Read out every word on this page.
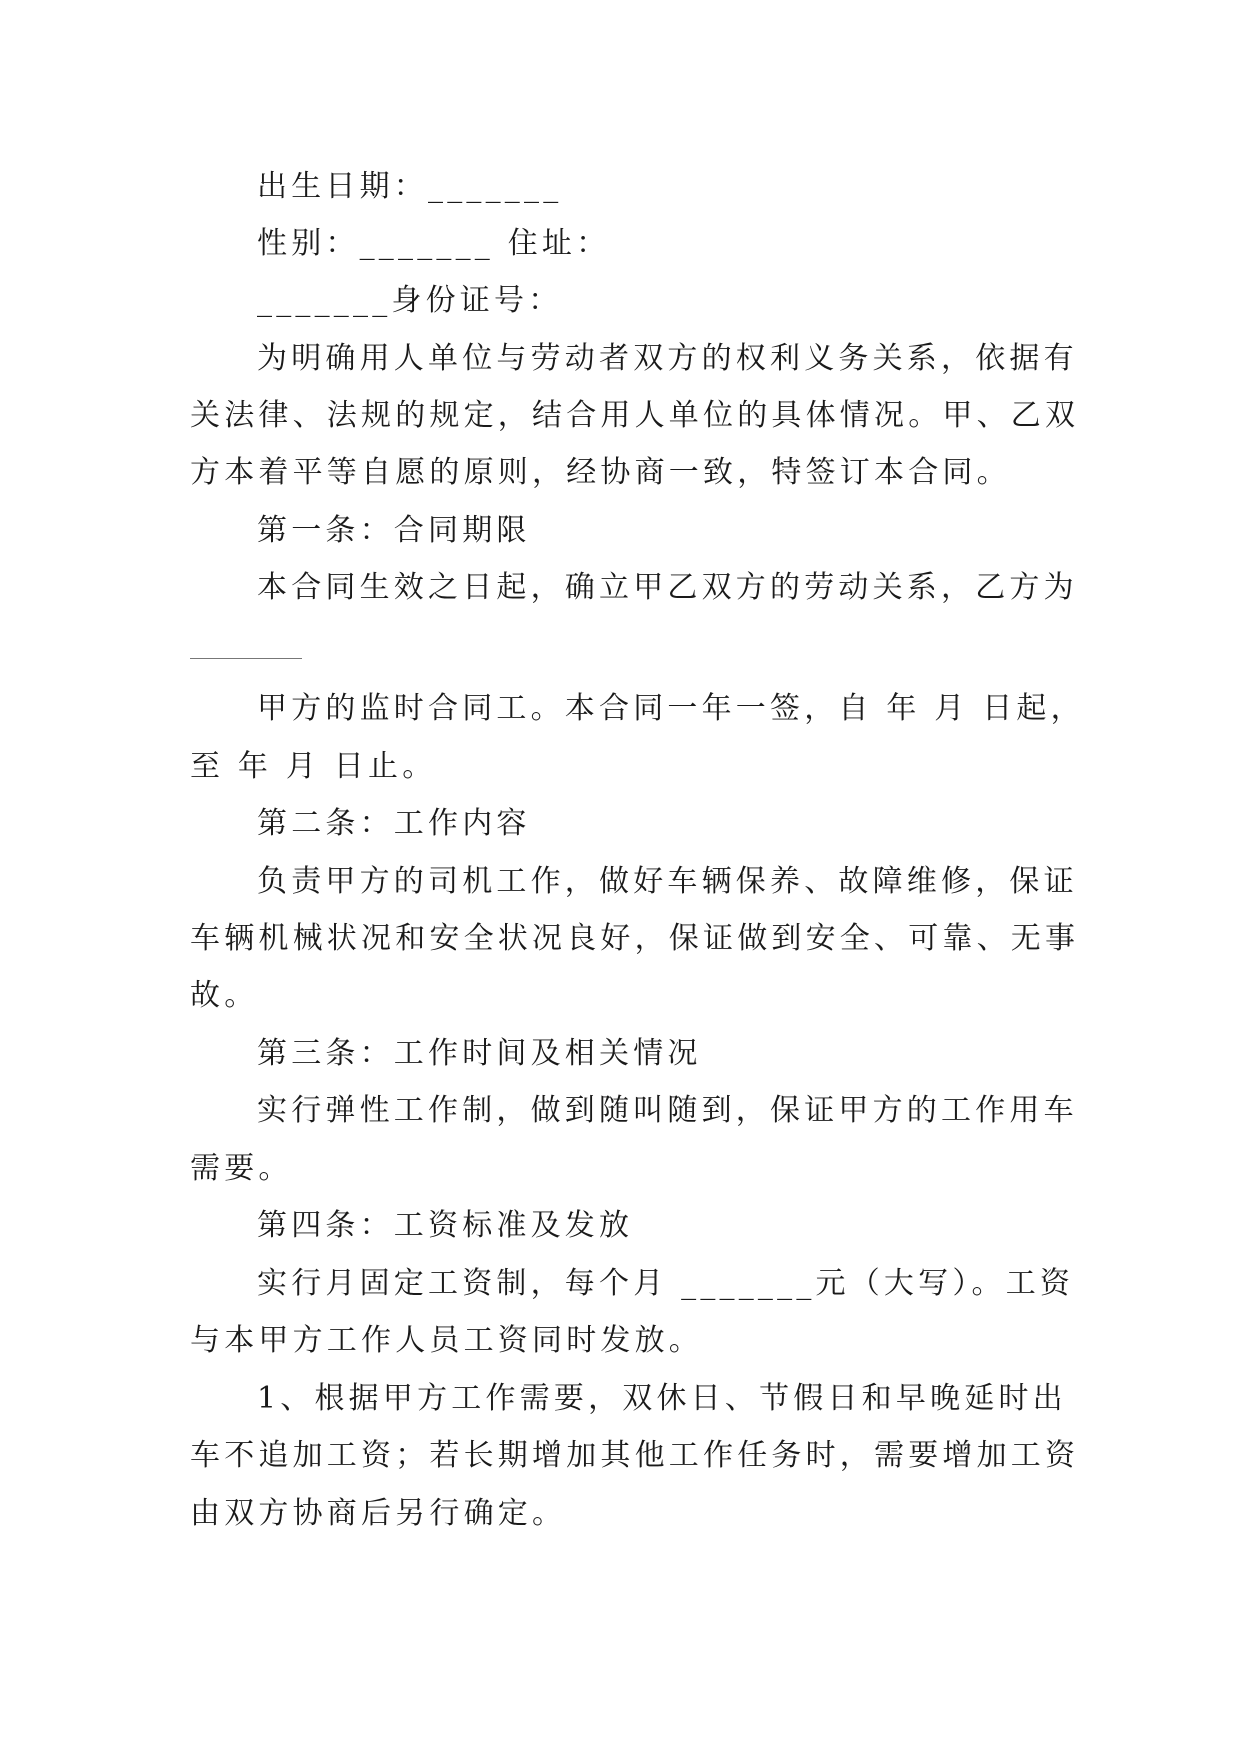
出生日期：_______
性别：_______ 住址：
_______身份证号：
为明确用人单位与劳动者双方的权利义务关系，依据有
关法律、法规的规定，结合用人单位的具体情况。甲、乙双
方本着平等自愿的原则，经协商一致，特签订本合同。
第一条：合同期限
本合同生效之日起，确立甲乙双方的劳动关系，乙方为
甲方的监时合同工。本合同一年一签，自 年 月 日起，
至 年 月 日止。
第二条：工作内容
负责甲方的司机工作，做好车辆保养、故障维修，保证
车辆机械状况和安全状况良好，保证做到安全、可靠、无事
故。
第三条：工作时间及相关情况
实行弹性工作制，做到随叫随到，保证甲方的工作用车
需要。
第四条：工资标准及发放
实行月固定工资制，每个月 _______元（大写）。工资
与本甲方工作人员工资同时发放。
1、根据甲方工作需要，双休日、节假日和早晚延时出
车不追加工资；若长期增加其他工作任务时，需要增加工资
由双方协商后另行确定。
